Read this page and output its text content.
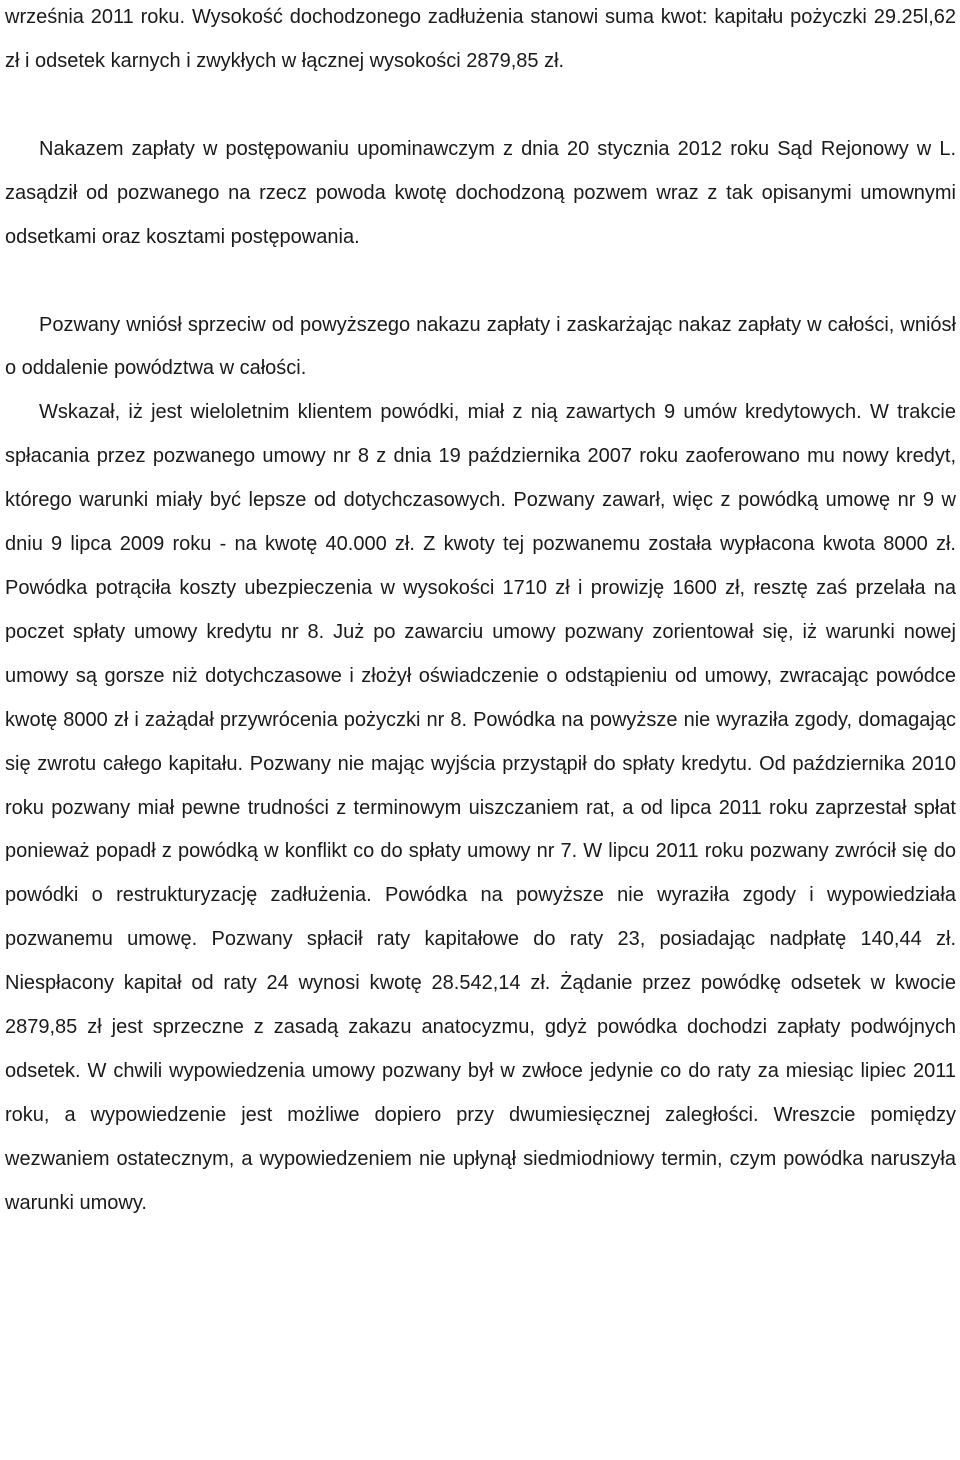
września 2011 roku. Wysokość dochodzonego zadłużenia stanowi suma kwot: kapitału pożyczki 29.25l,62 zł i odsetek karnych i zwykłych w łącznej wysokości 2879,85 zł.

Nakazem zapłaty w postępowaniu upominawczym z dnia 20 stycznia 2012 roku Sąd Rejonowy w L. zasądził od pozwanego na rzecz powoda kwotę dochodzoną pozwem wraz z tak opisanymi umownymi odsetkami oraz kosztami postępowania.

Pozwany wniósł sprzeciw od powyższego nakazu zapłaty i zaskarżając nakaz zapłaty w całości, wniósł o oddalenie powództwa w całości.

Wskazał, iż jest wieloletnim klientem powódki, miał z nią zawartych 9 umów kredytowych. W trakcie spłacania przez pozwanego umowy nr 8 z dnia 19 października 2007 roku zaoferowano mu nowy kredyt, którego warunki miały być lepsze od dotychczasowych. Pozwany zawarł, więc z powódką umowę nr 9 w dniu 9 lipca 2009 roku - na kwotę 40.000 zł. Z kwoty tej pozwanemu została wypłacona kwota 8000 zł. Powódka potrąciła koszty ubezpieczenia w wysokości 1710 zł i prowizję 1600 zł, resztę zaś przelała na poczet spłaty umowy kredytu nr 8. Już po zawarciu umowy pozwany zorientował się, iż warunki nowej umowy są gorsze niż dotychczasowe i złożył oświadczenie o odstąpieniu od umowy, zwracając powódce kwotę 8000 zł i zażądał przywrócenia pożyczki nr 8. Powódka na powyższe nie wyraziła zgody, domagając się zwrotu całego kapitału. Pozwany nie mając wyjścia przystąpił do spłaty kredytu. Od października 2010 roku pozwany miał pewne trudności z terminowym uiszczaniem rat, a od lipca 2011 roku zaprzestał spłat ponieważ popadł z powódką w konflikt co do spłaty umowy nr 7. W lipcu 2011 roku pozwany zwrócił się do powódki o restrukturyzację zadłużenia. Powódka na powyższe nie wyraziła zgody i wypowiedziała pozwanemu umowę. Pozwany spłacił raty kapitałowe do raty 23, posiadając nadpłatę 140,44 zł. Niespłacony kapitał od raty 24 wynosi kwotę 28.542,14 zł. Żądanie przez powódkę odsetek w kwocie 2879,85 zł jest sprzeczne z zasadą zakazu anatocyzmu, gdyż powódka dochodzi zapłaty podwójnych odsetek. W chwili wypowiedzenia umowy pozwany był w zwłoce jedynie co do raty za miesiąc lipiec 2011 roku, a wypowiedzenie jest możliwe dopiero przy dwumiesięcznej zaległości. Wreszcie pomiędzy wezwaniem ostatecznym, a wypowiedzeniem nie upłynął siedmiodniowy termin, czym powódka naruszyła warunki umowy.
